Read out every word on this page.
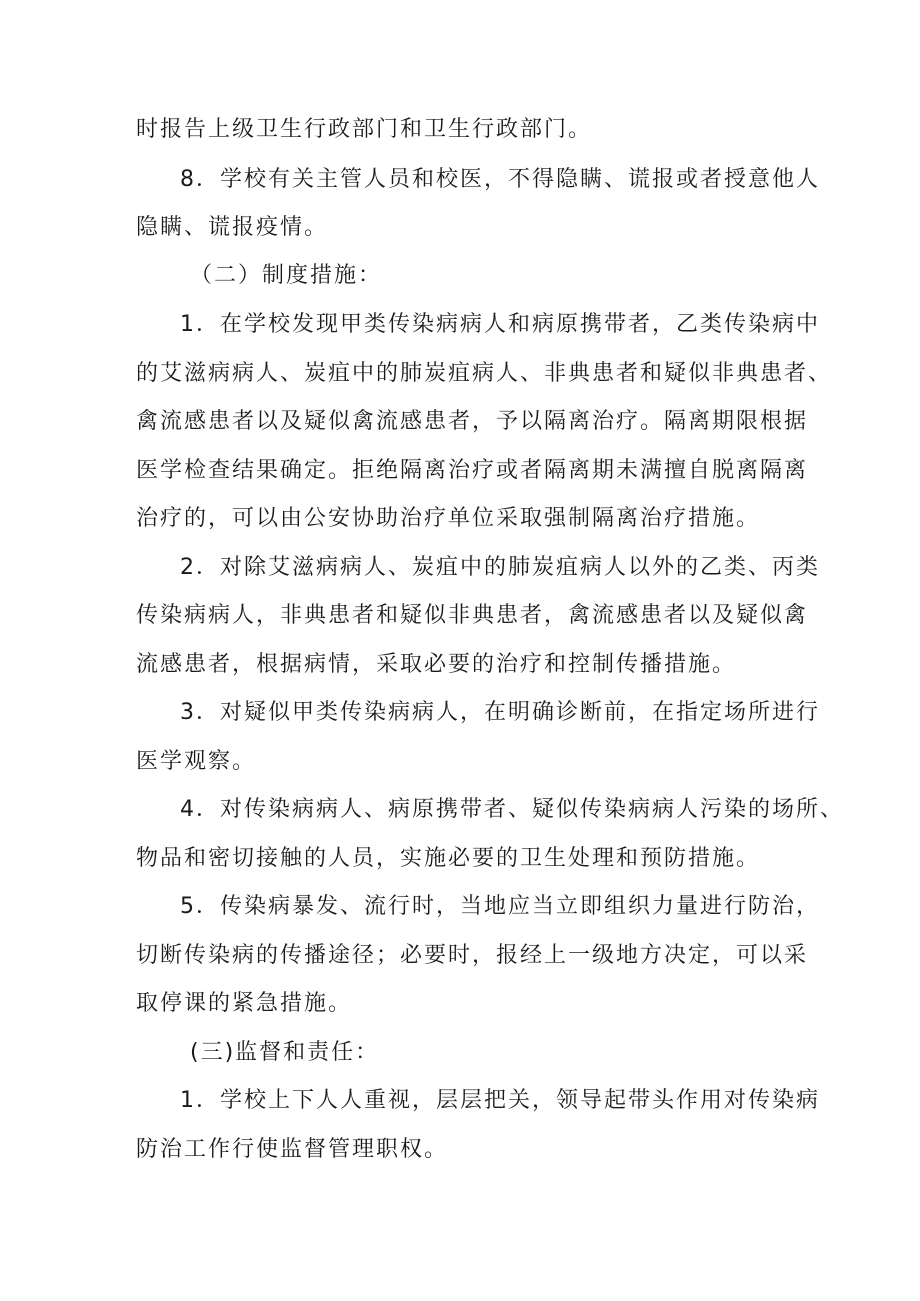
时报告上级卫生行政部门和卫生行政部门。
8．学校有关主管人员和校医，不得隐瞒、谎报或者授意他人
隐瞒、谎报疫情。
（二）制度措施：
1．在学校发现甲类传染病病人和病原携带者，乙类传染病中
的艾滋病病人、炭疽中的肺炭疽病人、非典患者和疑似非典患者、
禽流感患者以及疑似禽流感患者，予以隔离治疗。隔离期限根据
医学检查结果确定。拒绝隔离治疗或者隔离期未满擅自脱离隔离
治疗的，可以由公安协助治疗单位采取强制隔离治疗措施。
2．对除艾滋病病人、炭疽中的肺炭疽病人以外的乙类、丙类
传染病病人，非典患者和疑似非典患者，禽流感患者以及疑似禽
流感患者，根据病情，采取必要的治疗和控制传播措施。
3．对疑似甲类传染病病人，在明确诊断前，在指定场所进行
医学观察。
4．对传染病病人、病原携带者、疑似传染病病人污染的场所、
物品和密切接触的人员，实施必要的卫生处理和预防措施。
5．传染病暴发、流行时，当地应当立即组织力量进行防治，
切断传染病的传播途径；必要时，报经上一级地方决定，可以采
取停课的紧急措施。
(三)监督和责任：
1．学校上下人人重视，层层把关，领导起带头作用对传染病
防治工作行使监督管理职权。
